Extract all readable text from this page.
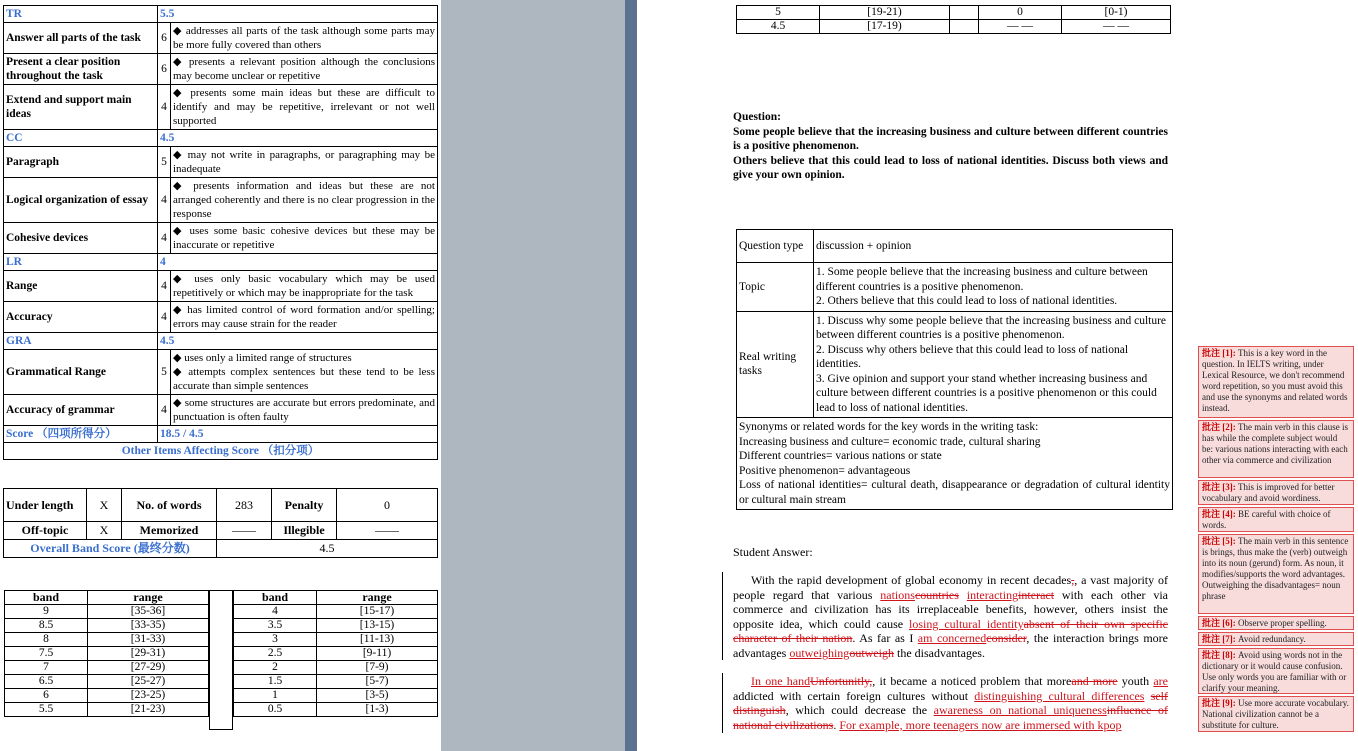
TR	5.5	
Answer all parts of the task	6	◆ addresses all parts of the task although some parts may be more fully covered than others
Present a clear position throughout the task	6	◆ presents a relevant position although the conclusions may become unclear or repetitive
Extend and support main ideas	4	◆ presents some main ideas but these are difficult to identify and may be repetitive, irrelevant or not well supported
CC	4.5	
Paragraph	5	◆ may not write in paragraphs, or paragraphing may be inadequate
Logical organization of essay	4	◆ presents information and ideas but these are not arranged coherently and there is no clear progression in the response
Cohesive devices	4	◆ uses some basic cohesive devices but these may be inaccurate or repetitive
LR	4	
Range	4	◆ uses only basic vocabulary which may be used repetitively or which may be inappropriate for the task
Accuracy	4	◆ has limited control of word formation and/or spelling; errors may cause strain for the reader
GRA	4.5	
Grammatical Range	5	◆ uses only a limited range of structures
◆ attempts complex sentences but these tend to be less accurate than simple sentences
Accuracy of grammar	4	◆ some structures are accurate but errors predominate, and punctuation is often faulty
Score （四项所得分）	18.5 / 4.5	
Other Items Affecting Score （扣分项）		
Under length	X	No. of words	283	Penalty	0
Off-topic	X	Memorized	——	Illegible	——
Overall Band Score (最终分数)			4.5		
band	range
9	[35-36]
8.5	[33-35)
8	[31-33)
7.5	[29-31)
7	[27-29)
6.5	[25-27)
6	[23-25)
5.5	[21-23)
band	range
4	[15-17)
3.5	[13-15)
3	[11-13)
2.5	[9-11)
2	[7-9)
1.5	[5-7)
1	[3-5)
0.5	[1-3)
5	[19-21)		0	[0-1)
4.5	[17-19)		— —	— —
Question:
Some people believe that the increasing business and culture between different countries is a positive phenomenon.
Others believe that this could lead to loss of national identities. Discuss both views and give your own opinion.
Question type	discussion + opinion
Topic	1. Some people believe that the increasing business and culture between different countries is a positive phenomenon.
2. Others believe that this could lead to loss of national identities.

Real writing tasks	1. Discuss why some people believe that the increasing business and culture between different countries is a positive phenomenon.
2. Discuss why others believe that this could lead to loss of national identities.
3. Give opinion and support your stand whether increasing business and culture between different countries is a positive phenomenon or this could lead to loss of national identities.

Synonyms or related words for the key words in the writing task:
Increasing business and culture= economic trade, cultural sharing
Different countries= various nations or state
Positive phenomenon= advantageous
Loss of national identities= cultural death, disappearance or degradation of cultural identity or cultural main stream	
Student Answer:
With the rapid development of global economy in recent decades,, a vast majority of people regard that various nationscountries interactinginteract with each other via commerce and civilization has its irreplaceable benefits, however, others insist the opposite idea, which could cause losing cultural identityabsent of their own specific character of their nation. As far as I am concernedconsider, the interaction brings more advantages outweighingoutweigh the disadvantages.
In one handUnfortunitly,, it became a noticed problem that moreand more youth are addicted with certain foreign cultures without distinguishing cultural differences self distinguish, which could decrease the awareness on national uniquenessinfluence of national civilizations. For example, more teenagers now are immersed with kpop
批注 [1]: This is a key word in the question. In IELTS writing, under Lexical Resource, we don't recommend word repetition, so you must avoid this and use the synonyms and related words instead.
批注 [2]: The main verb in this clause is has while the complete subject would be: various nations interacting with each other via commerce and civilization
批注 [3]: This is improved for better vocabulary and avoid wordiness.
批注 [4]: BE careful with choice of words.
批注 [5]: The main verb in this sentence is brings, thus make the (verb) outweigh into its noun (gerund) form. As noun, it modifies/supports the word advantages. Outweighing the disadvantages= noun phrase
批注 [6]: Observe proper spelling.
批注 [7]: Avoid redundancy.
批注 [8]: Avoid using words not in the dictionary or it would cause confusion. Use only words you are familiar with or clarify your meaning.
批注 [9]: Use more accurate vocabulary. National civilization cannot be a substitute for culture.
